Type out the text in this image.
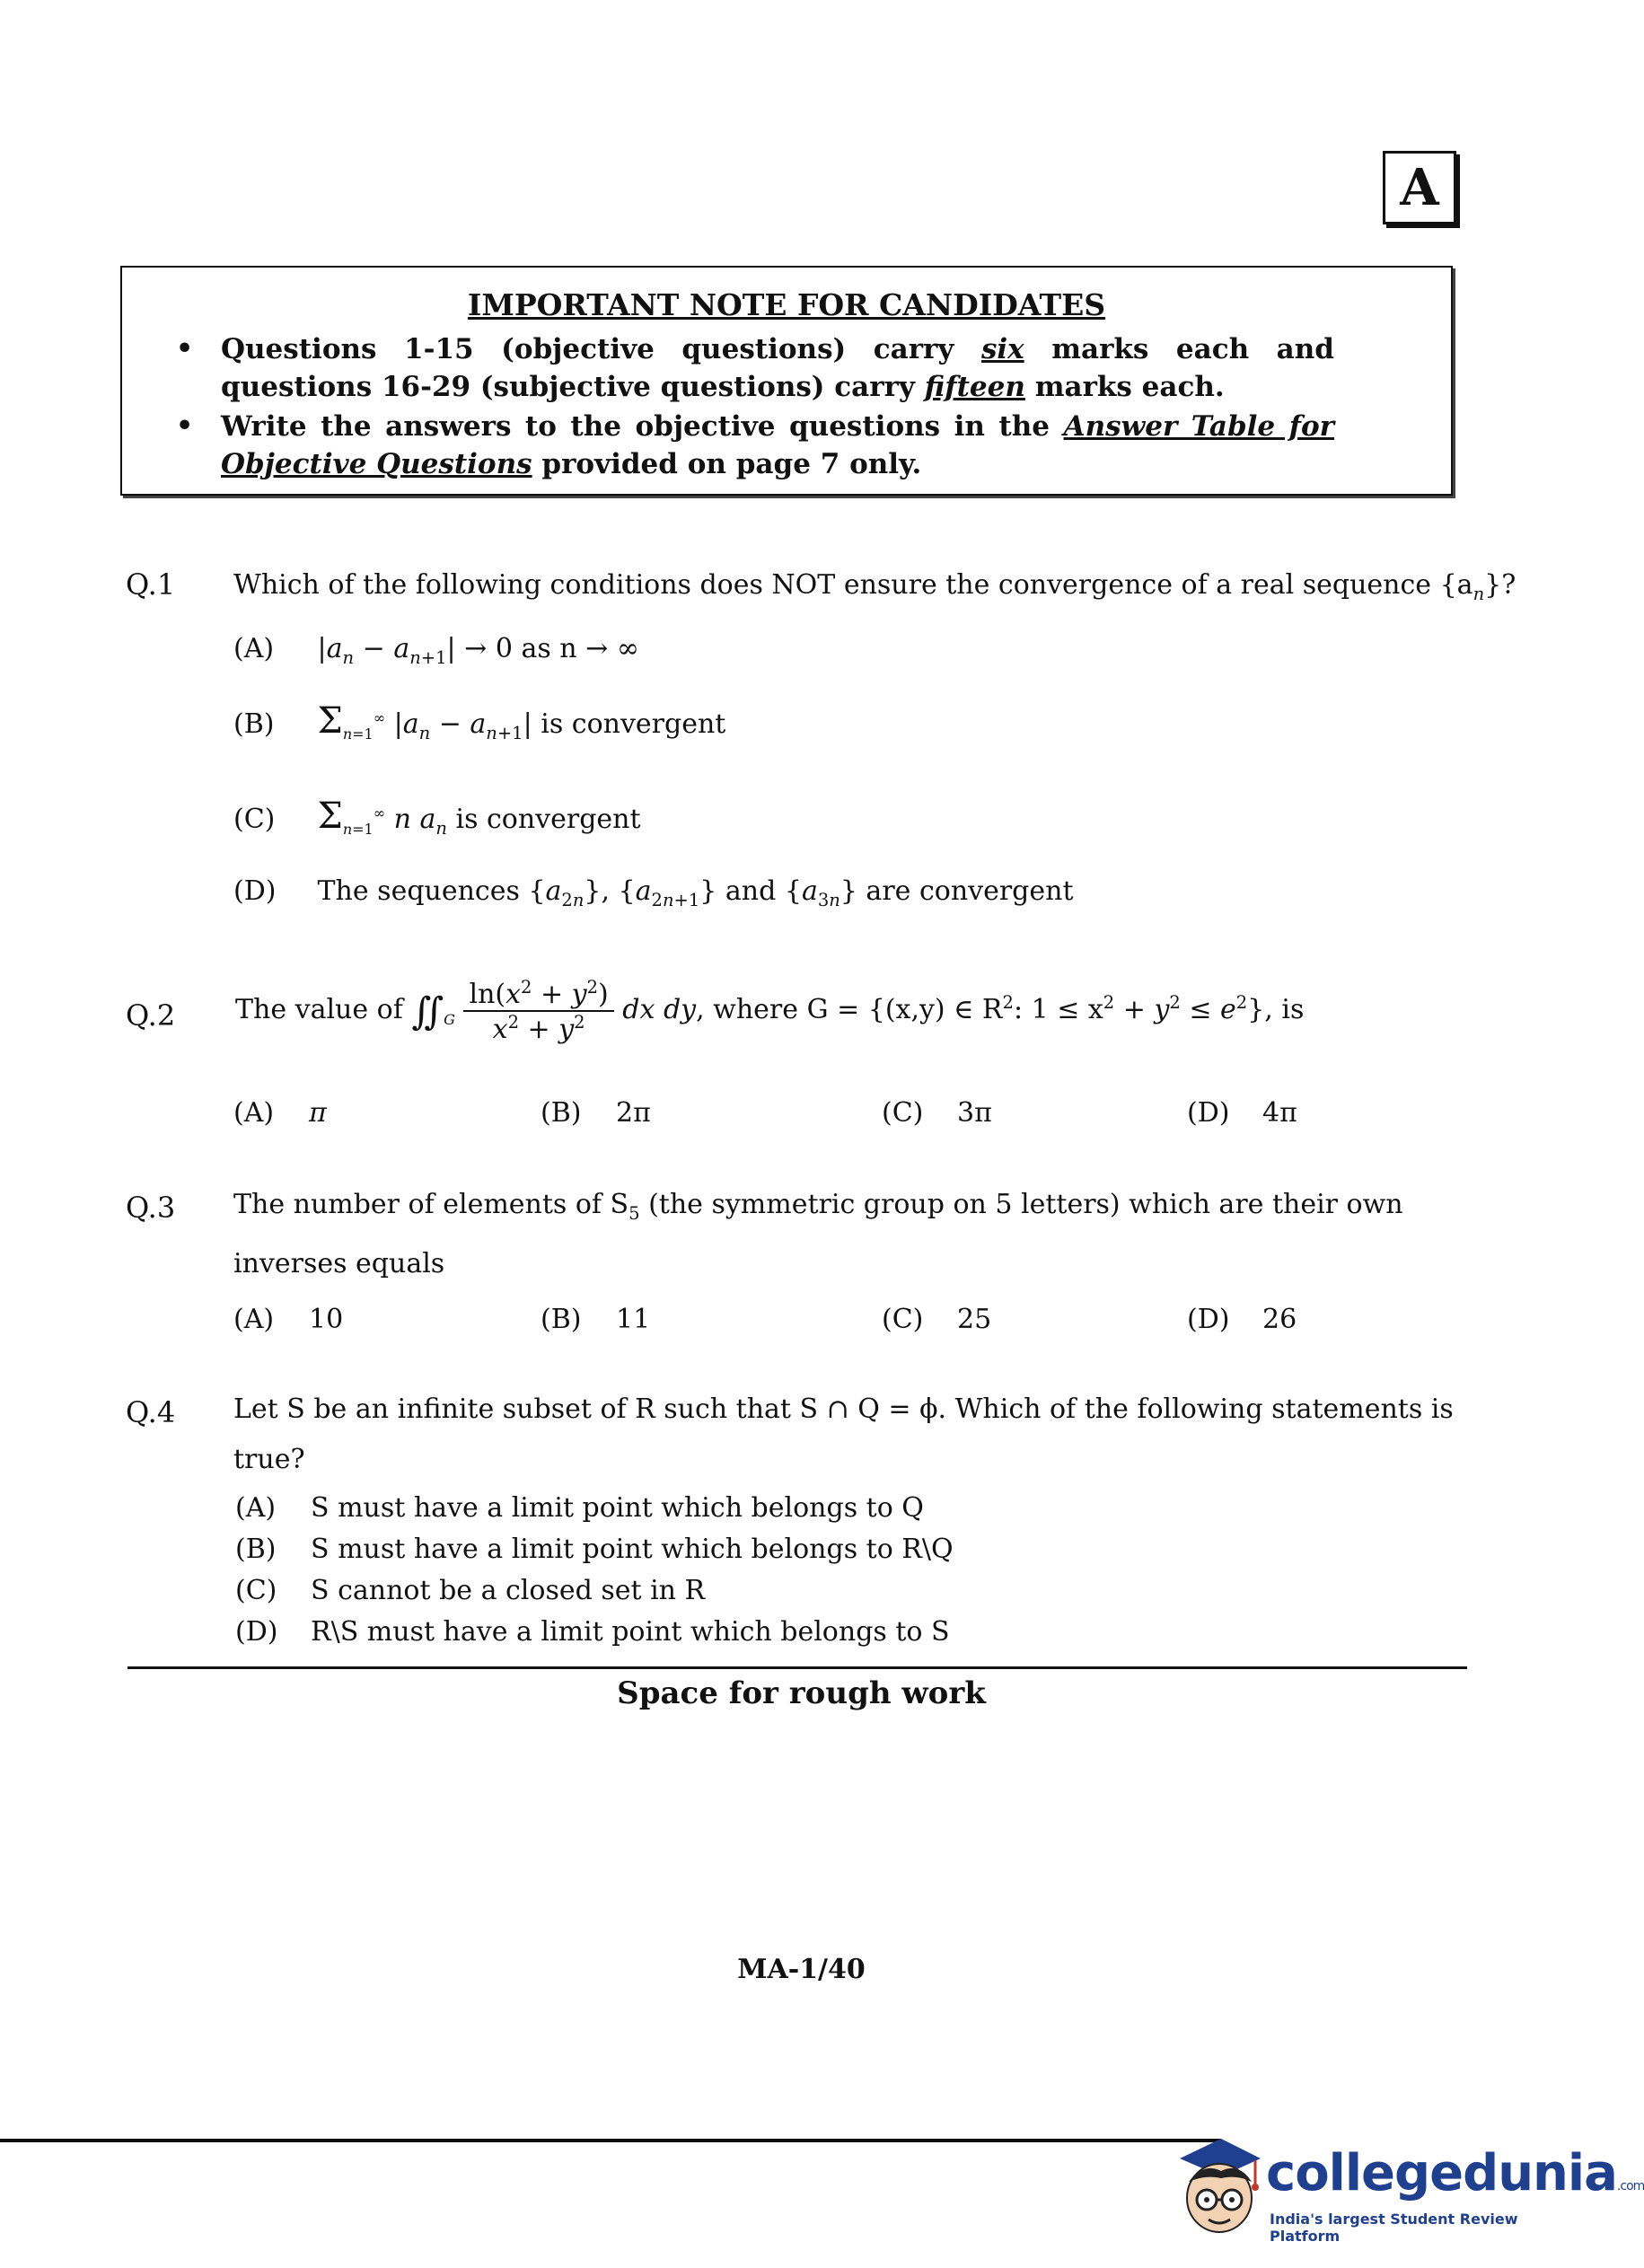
A
IMPORTANT NOTE FOR CANDIDATES
• Questions 1-15 (objective questions) carry six marks each and questions 16-29 (subjective questions) carry fifteen marks each.
• Write the answers to the objective questions in the Answer Table for Objective Questions provided on page 7 only.
Q.1 Which of the following conditions does NOT ensure the convergence of a real sequence $\{a_n\}$?
(A) $|a_n - a_{n+1}| \to 0$ as n → ∞
(B) $\Sigma_{n=1}^\infty$ $|a_n - a_{n+1}|$ is convergent
(C) $\Sigma_{n=1}^\infty$ n $a_n$ is convergent
(D) The sequences $\{a_{2n}\}$, $\{a_{2n+1}\}$ and $\{a_{3n}\}$ are convergent
Q.2 The value of $∬_G \frac{\ln(x^2 + y^2)}{x^2 + y^2}$ dx dy, where G = {(x,y) ∈ $R^2$: $1 \le x^2 + y^2 \le e^2$}, is
(A) π	(B) 2π	(C) 3π	(D) 4π
Q.3 The number of elements of $S_5$ (the symmetric group on 5 letters) which are their own inverses equals
(A) 10	(B) 11	(C) 25	(D) 26
Q.4 Let S be an infinite subset of R such that S ∩ Q = ϕ. Which of the following statements is true?
(A) S must have a limit point which belongs to Q
(B) S must have a limit point which belongs to R\Q
(C) S cannot be a closed set in R
(D) R\S must have a limit point which belongs to S
Space for rough work
MA-1/40
collegedunia.com
India's largest Student Review Platform
